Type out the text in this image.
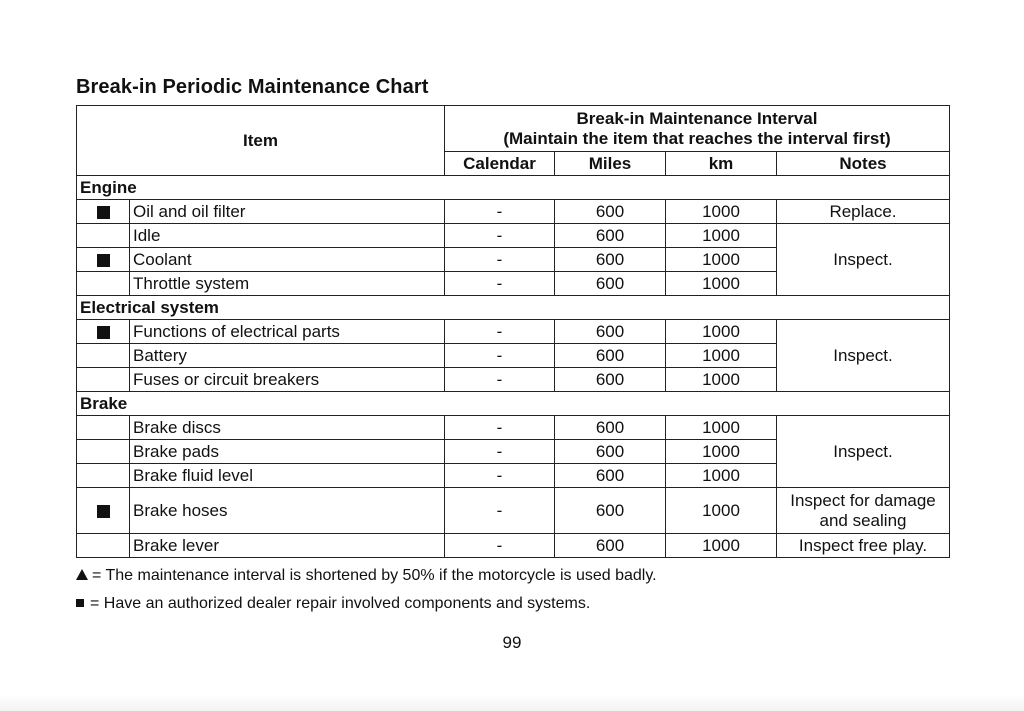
Break-in Periodic Maintenance Chart
Item		Break-in Maintenance Interval
(Maintain the item that reaches the interval first)			

		Calendar	Miles	km	Notes
Engine					
	Oil and oil filter	-	600	1000	Replace.
	Idle	-	600	1000	Inspect.
	Coolant	-	600	1000	
	Throttle system	-	600	1000	
Electrical system					
	Functions of electrical parts	-	600	1000	Inspect.
	Battery	-	600	1000	
	Fuses or circuit breakers	-	600	1000	
Brake					
	Brake discs	-	600	1000	Inspect.
	Brake pads	-	600	1000	
	Brake fluid level	-	600	1000	
	Brake hoses	-	600	1000	Inspect for damage
and sealing

	Brake lever	-	600	1000	Inspect free play.
= The maintenance interval is shortened by 50% if the motorcycle is used badly.
= Have an authorized dealer repair involved components and systems.
99
